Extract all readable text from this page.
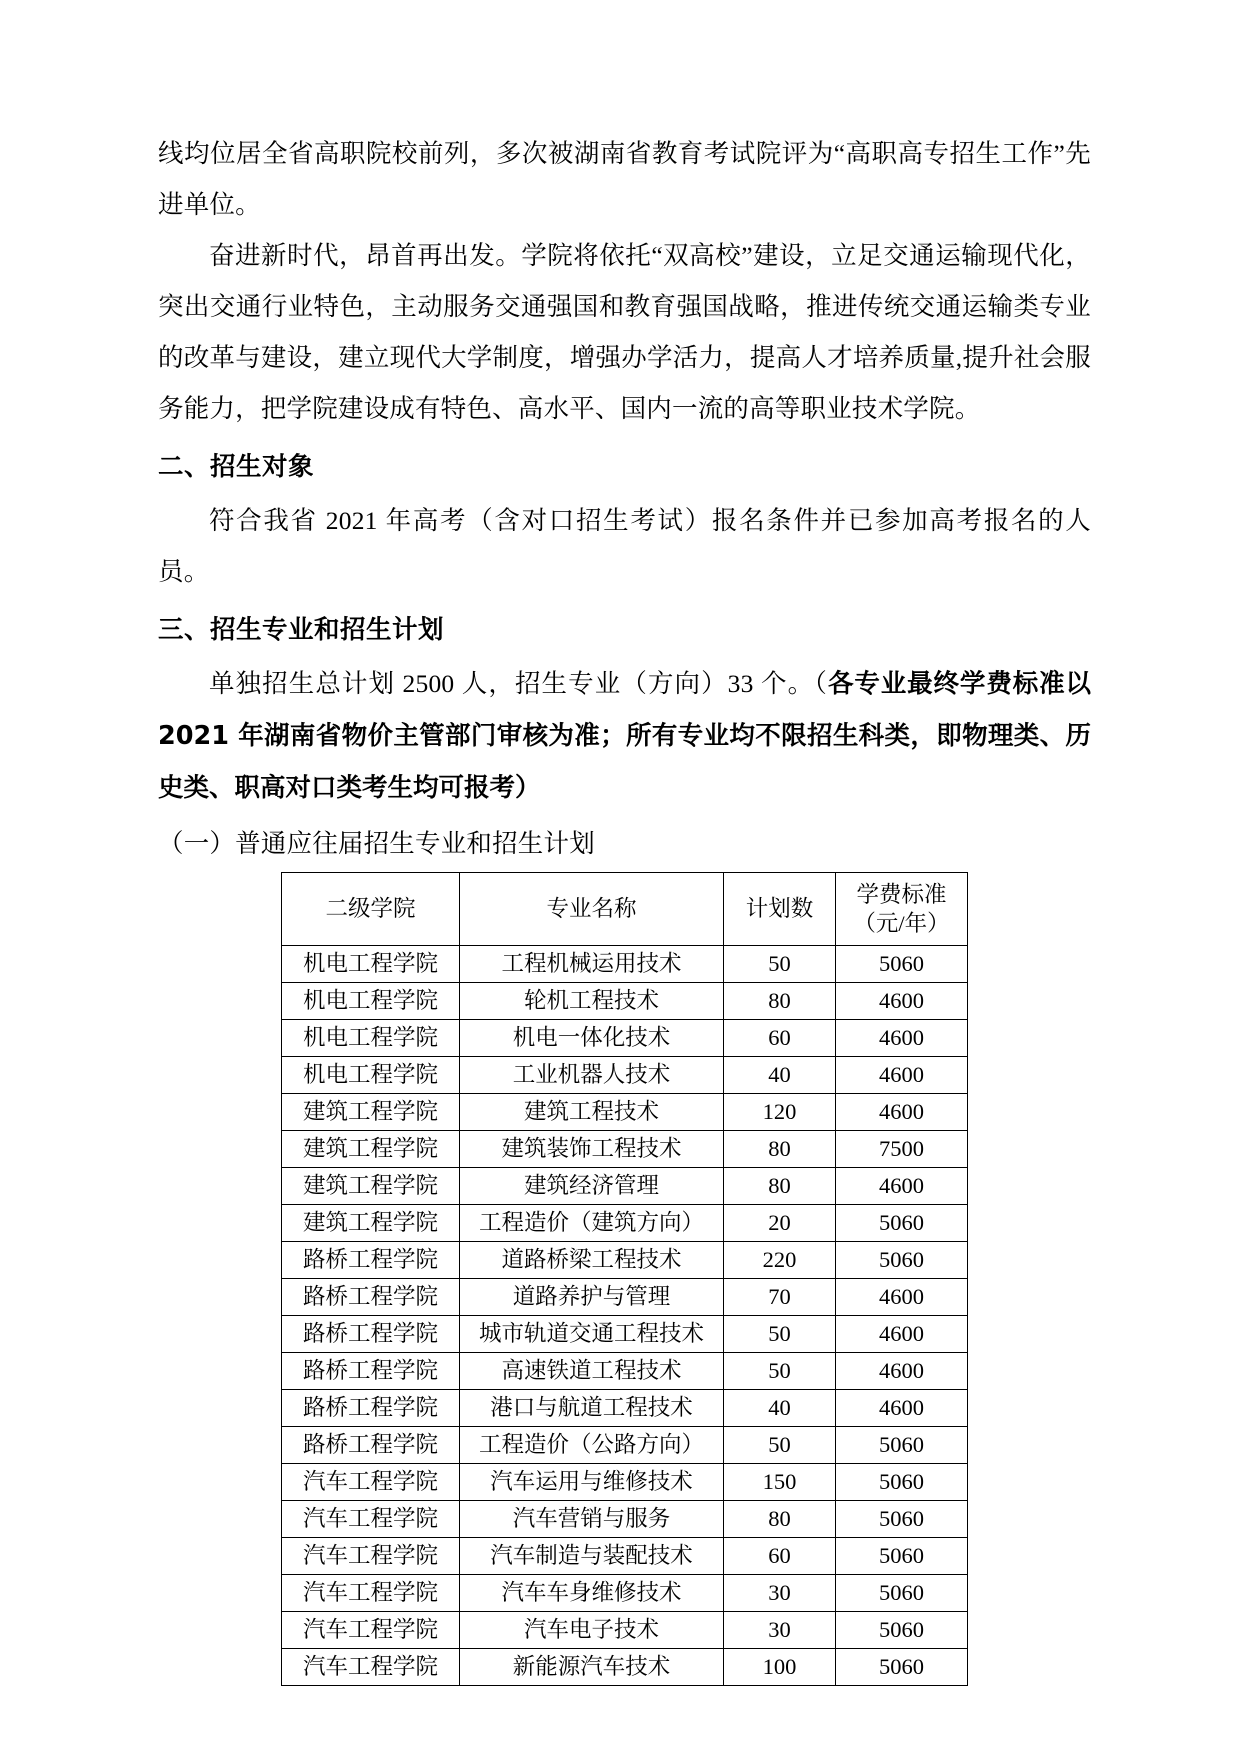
线均位居全省高职院校前列，多次被湖南省教育考试院评为“高职高专招生工作”先进单位。

奋进新时代，昂首再出发。学院将依托“双高校”建设，立足交通运输现代化，突出交通行业特色，主动服务交通强国和教育强国战略，推进传统交通运输类专业的改革与建设，建立现代大学制度，增强办学活力，提高人才培养质量,提升社会服务能力，把学院建设成有特色、高水平、国内一流的高等职业技术学院。

二、招生对象

符合我省 2021 年高考（含对口招生考试）报名条件并已参加高考报名的人员。

三、招生专业和招生计划

单独招生总计划 2500 人，招生专业（方向）33 个。（各专业最终学费标准以 2021 年湖南省物价主管部门审核为准；所有专业均不限招生科类，即物理类、历史类、职高对口类考生均可报考）

（一）普通应往届招生专业和招生计划

二级学院	专业名称	计划数	学费标准
（元/年）

机电工程学院	工程机械运用技术	50	5060
机电工程学院	轮机工程技术	80	4600
机电工程学院	机电一体化技术	60	4600
机电工程学院	工业机器人技术	40	4600
建筑工程学院	建筑工程技术	120	4600
建筑工程学院	建筑装饰工程技术	80	7500
建筑工程学院	建筑经济管理	80	4600
建筑工程学院	工程造价（建筑方向）	20	5060
路桥工程学院	道路桥梁工程技术	220	5060
路桥工程学院	道路养护与管理	70	4600
路桥工程学院	城市轨道交通工程技术	50	4600
路桥工程学院	高速铁道工程技术	50	4600
路桥工程学院	港口与航道工程技术	40	4600
路桥工程学院	工程造价（公路方向）	50	5060
汽车工程学院	汽车运用与维修技术	150	5060
汽车工程学院	汽车营销与服务	80	5060
汽车工程学院	汽车制造与装配技术	60	5060
汽车工程学院	汽车车身维修技术	30	5060
汽车工程学院	汽车电子技术	30	5060
汽车工程学院	新能源汽车技术	100	5060
